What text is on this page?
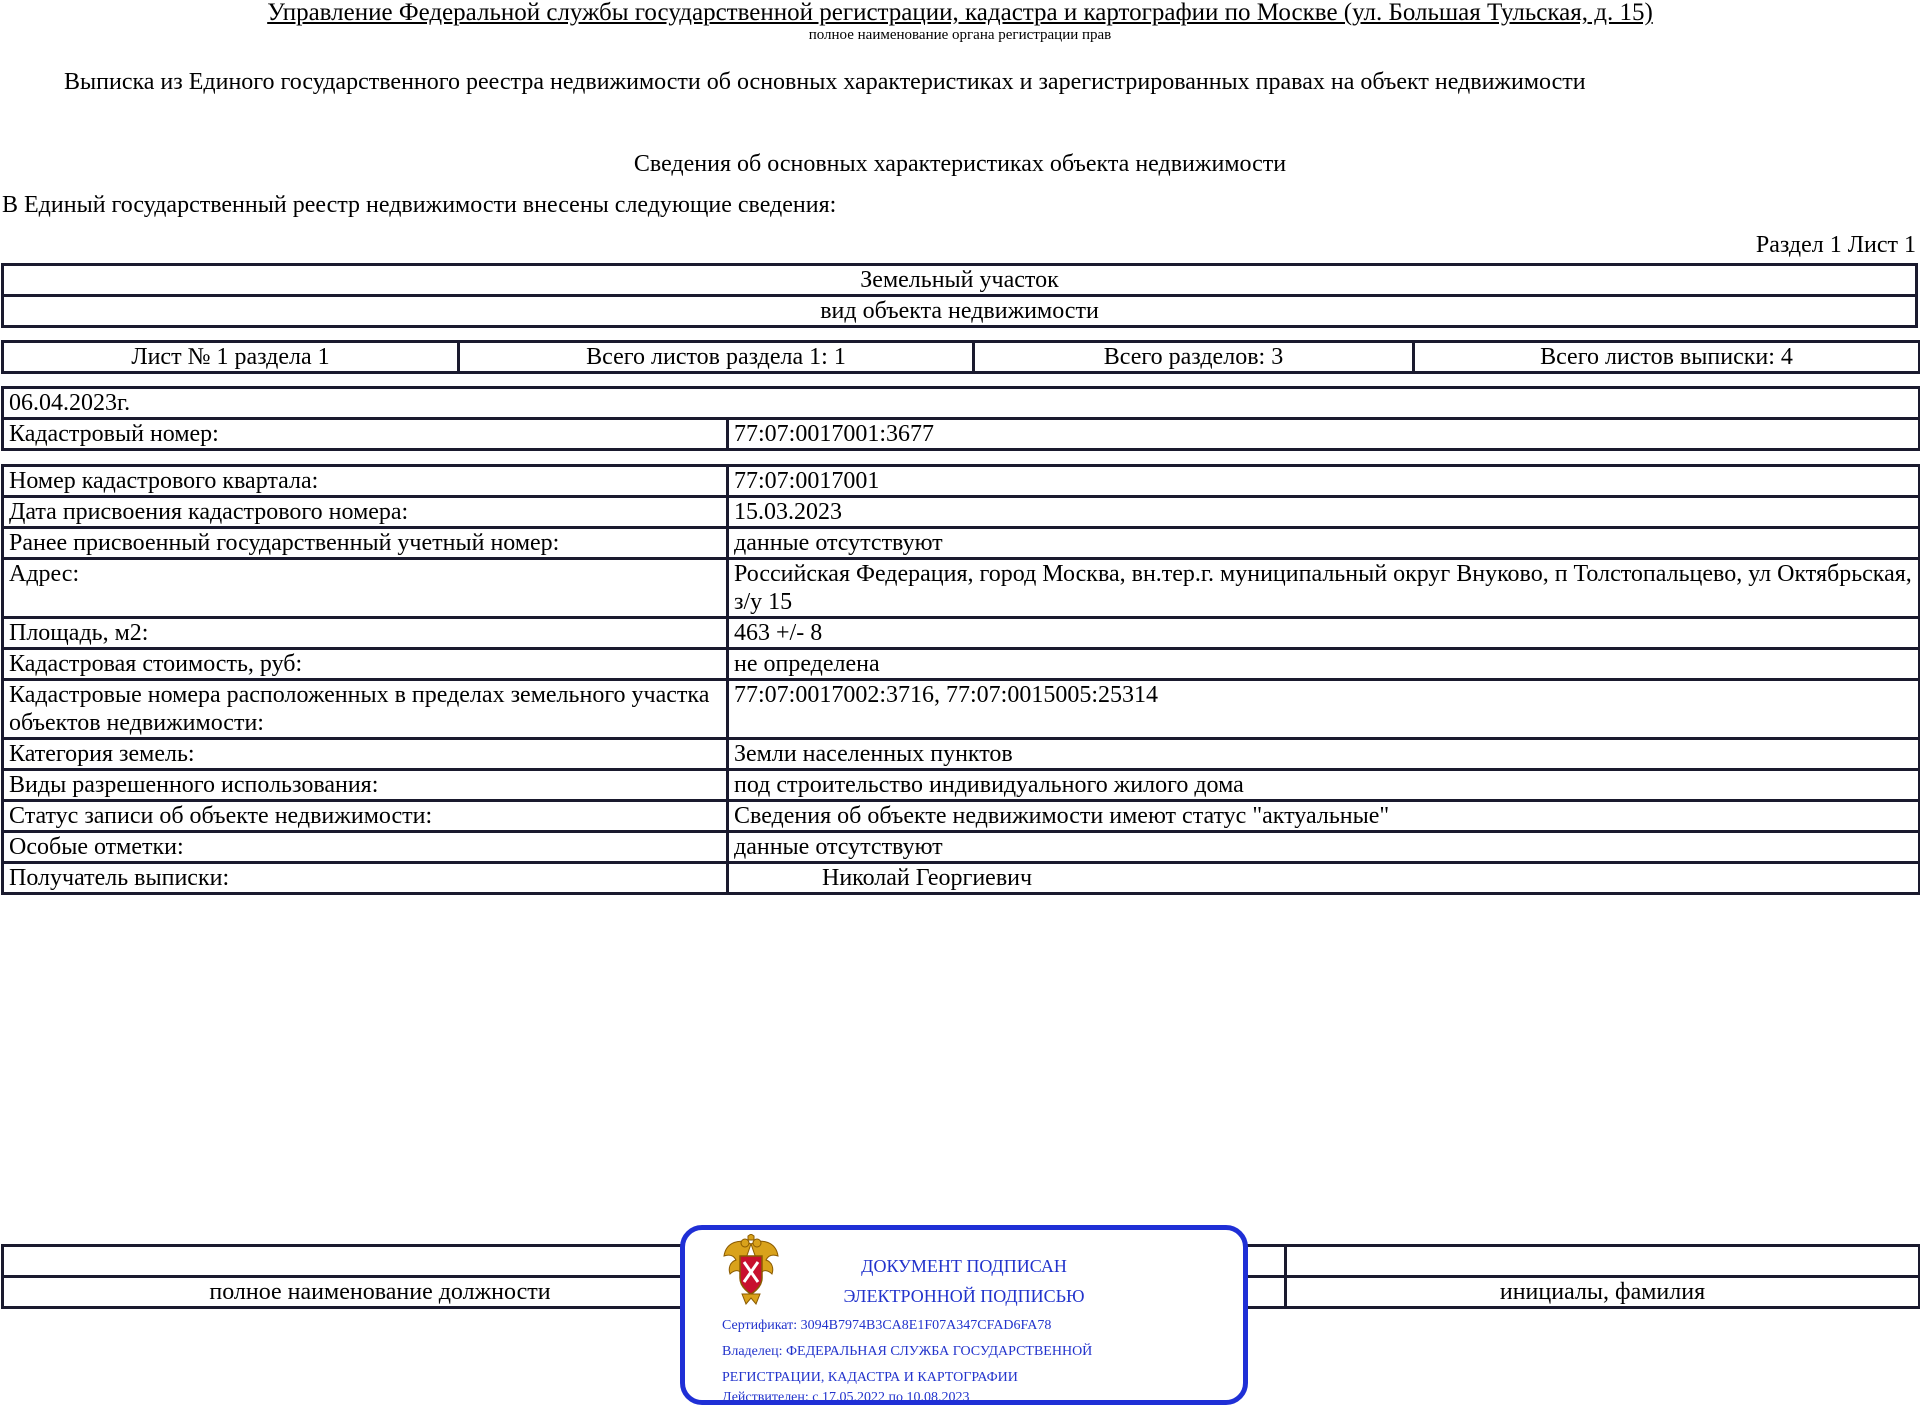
Управление Федеральной службы государственной регистрации, кадастра и картографии по Москве (ул. Большая Тульская, д. 15)
полное наименование органа регистрации прав
Выписка из Единого государственного реестра недвижимости об основных характеристиках и зарегистрированных правах на объект недвижимости
Сведения об основных характеристиках объекта недвижимости
В Единый государственный реестр недвижимости внесены следующие сведения:
Раздел 1 Лист 1
Земельный участок
вид объекта недвижимости
Лист № 1 раздела 1	Всего листов раздела 1: 1	Всего разделов: 3	Всего листов выписки: 4
06.04.2023г.
Кадастровый номер:	77:07:0017001:3677
Номер кадастрового квартала:	77:07:0017001
Дата присвоения кадастрового номера:	15.03.2023
Ранее присвоенный государственный учетный номер:	данные отсутствуют
Адрес:	Российская Федерация, город Москва, вн.тер.г. муниципальный округ Внуково, п Толстопальцево, ул Октябрьская, з/у 15
Площадь, м2:	463 +/- 8
Кадастровая стоимость, руб:	не определена
Кадастровые номера расположенных в пределах земельного участка объектов недвижимости:	77:07:0017002:3716, 77:07:0015005:25314
Категория земель:	Земли населенных пунктов
Виды разрешенного использования:	под строительство индивидуального жилого дома
Статус записи об объекте недвижимости:	Сведения об объекте недвижимости имеют статус "актуальные"
Особые отметки:	данные отсутствуют
Получатель выписки:	Николай Георгиевич

полное наименование должности		инициалы, фамилия
ДОКУМЕНТ ПОДПИСАН
ЭЛЕКТРОННОЙ ПОДПИСЬЮ
Сертификат: 3094B7974B3CA8E1F07A347CFAD6FA78
Владелец: ФЕДЕРАЛЬНАЯ СЛУЖБА ГОСУДАРСТВЕННОЙ
РЕГИСТРАЦИИ, КАДАСТРА И КАРТОГРАФИИ
Действителен: с 17.05.2022 по 10.08.2023
